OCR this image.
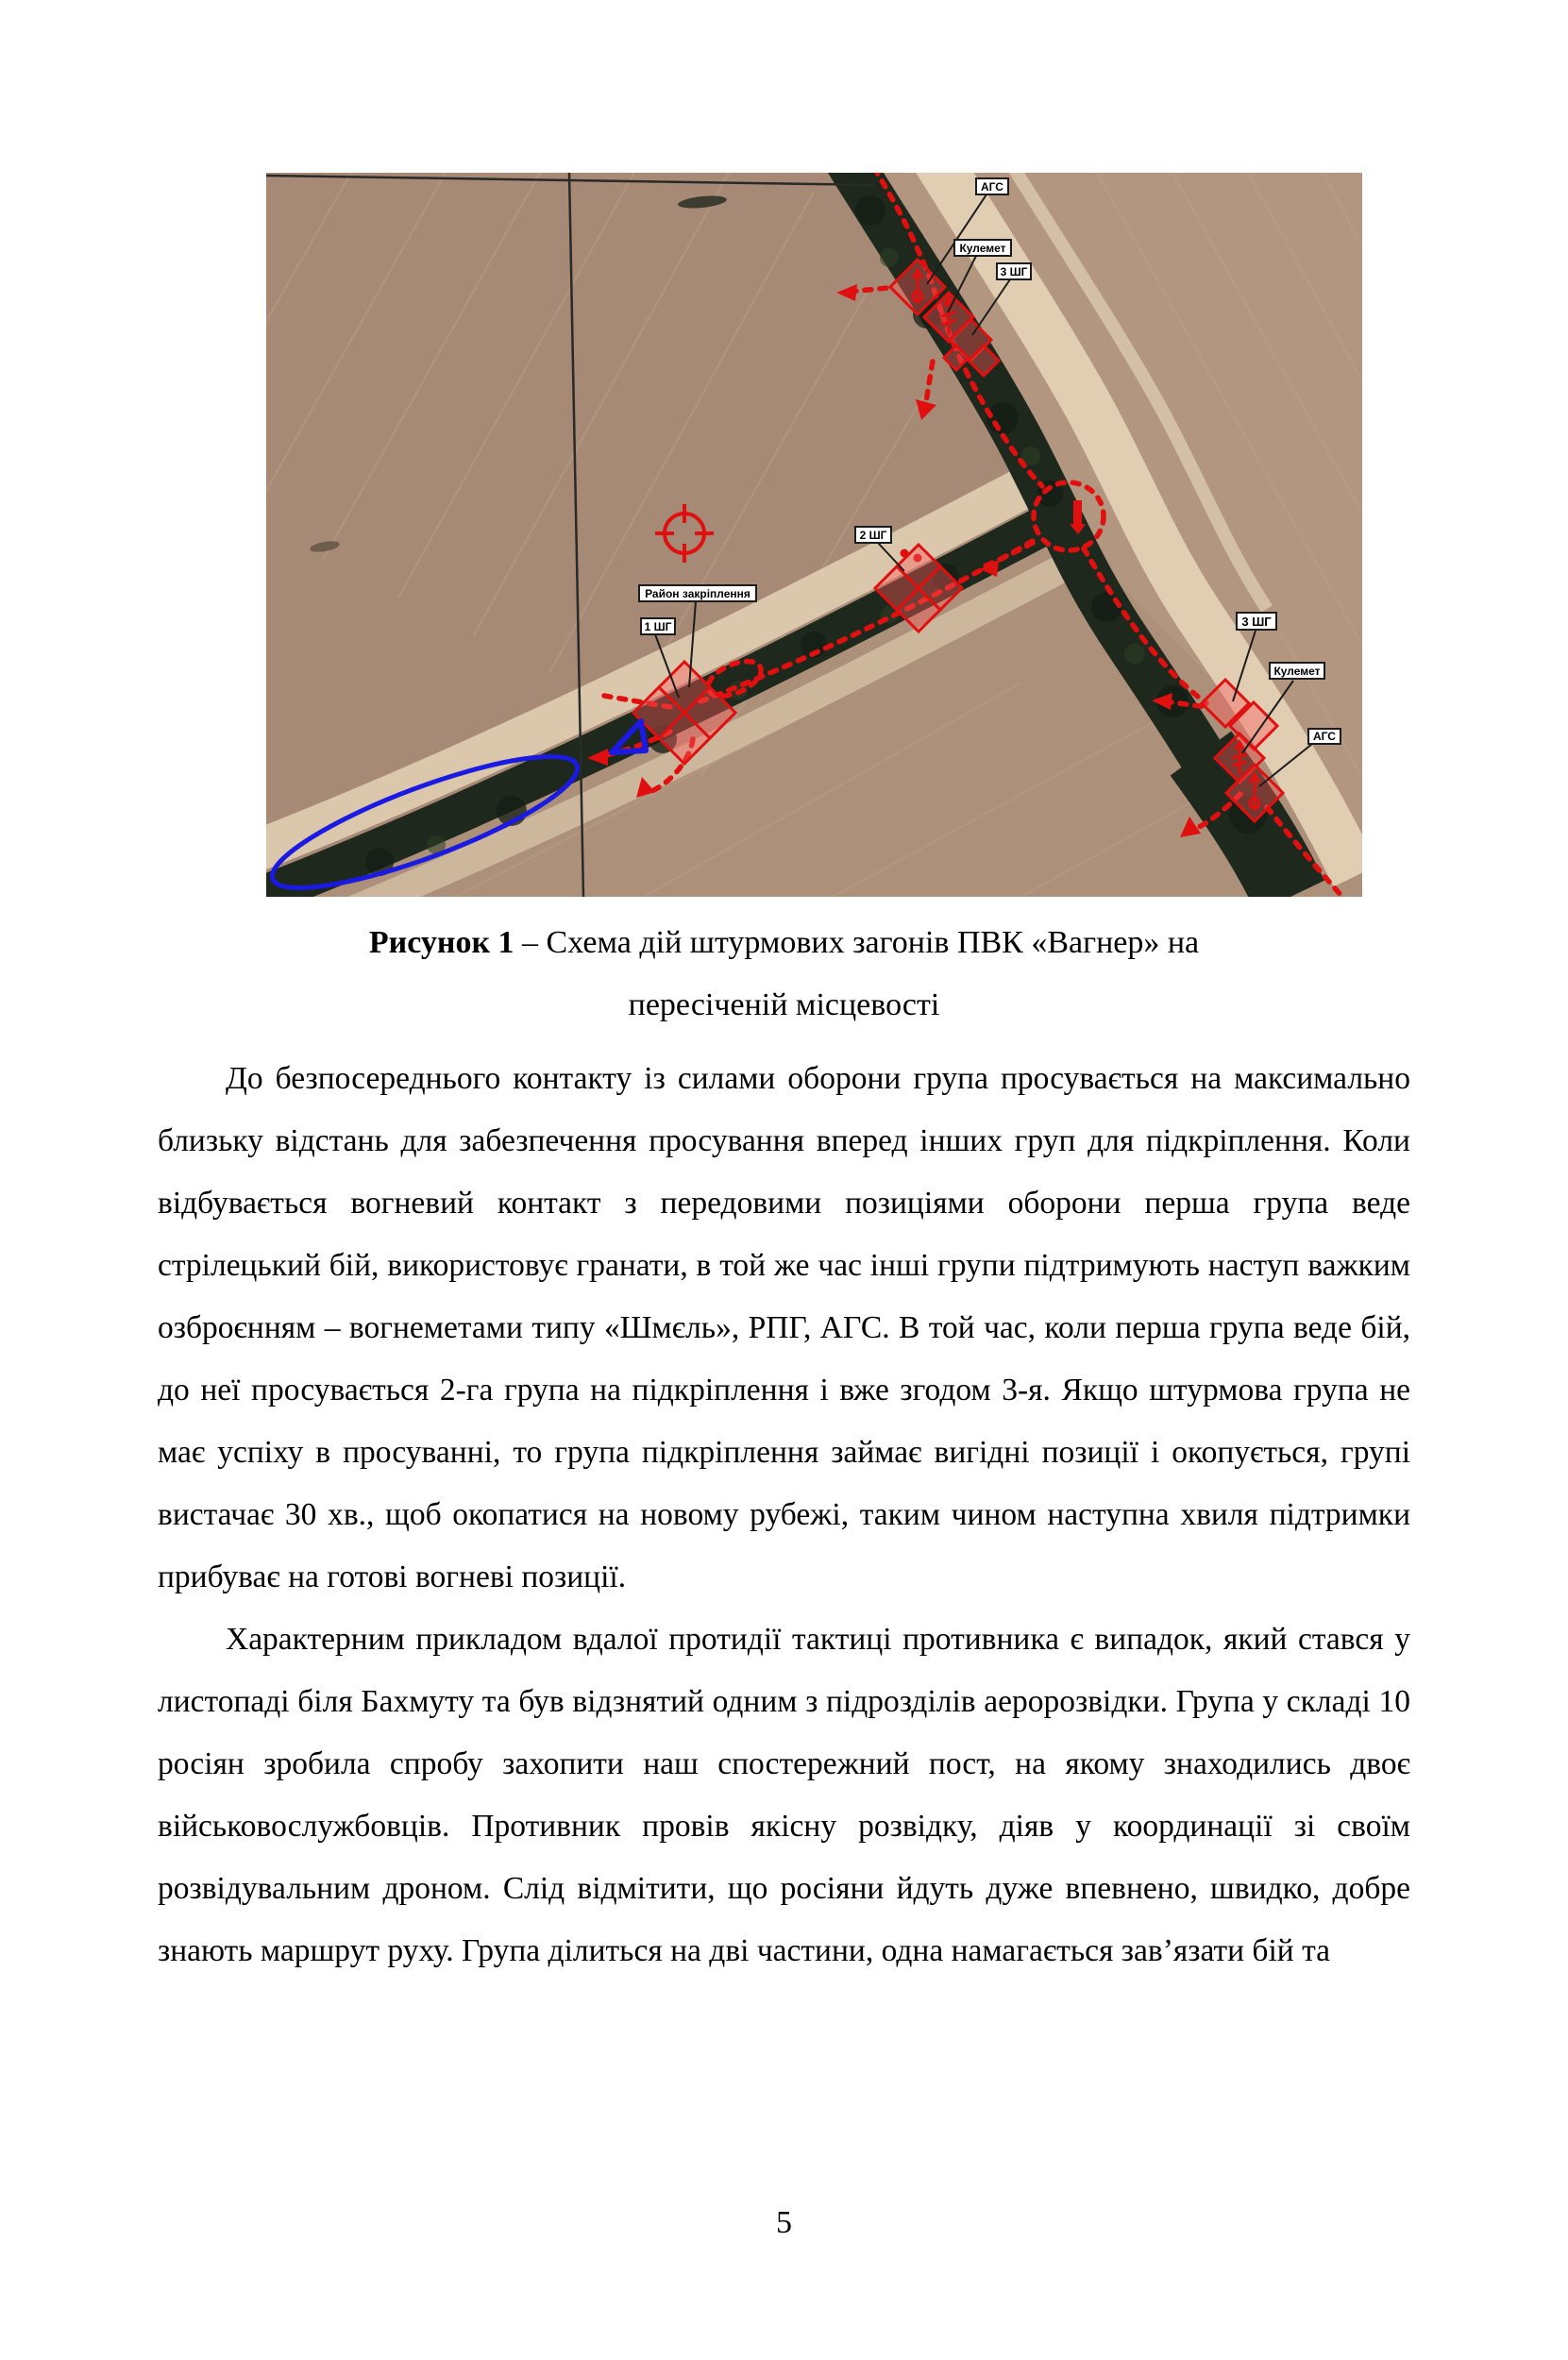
АГС
Кулемет
3 ШГ
2 ШГ
Район закріплення
1 ШГ	3 ШГ
Кулемет
АГС
Рисунок 1 – Схема дій штурмових загонів ПВК «Вагнер» на
пересіченій місцевості

До безпосереднього контакту із силами оборони група просувається на максимально близьку відстань для забезпечення просування вперед інших груп для підкріплення. Коли відбувається вогневий контакт з передовими позиціями оборони перша група веде стрілецький бій, використовує гранати, в той же час інші групи підтримують наступ важким озброєнням – вогнеметами типу «Шмєль», РПГ, АГС. В той час, коли перша група веде бій, до неї просувається 2-га група на підкріплення і вже згодом 3-я. Якщо штурмова група не має успіху в просуванні, то група підкріплення займає вигідні позиції і окопується, групі вистачає 30 хв., щоб окопатися на новому рубежі, таким чином наступна хвиля підтримки прибуває на готові вогневі позиції.

Характерним прикладом вдалої протидії тактиці противника є випадок, який стався у листопаді біля Бахмуту та був відзнятий одним з підрозділів аеророзвідки. Група у складі 10 росіян зробила спробу захопити наш спостережний пост, на якому знаходились двоє військовослужбовців. Противник провів якісну розвідку, діяв у координації зі своїм розвідувальним дроном. Слід відмітити, що росіяни йдуть дуже впевнено, швидко, добре знають маршрут руху. Група ділиться на дві частини, одна намагається зав’язати бій та

5
